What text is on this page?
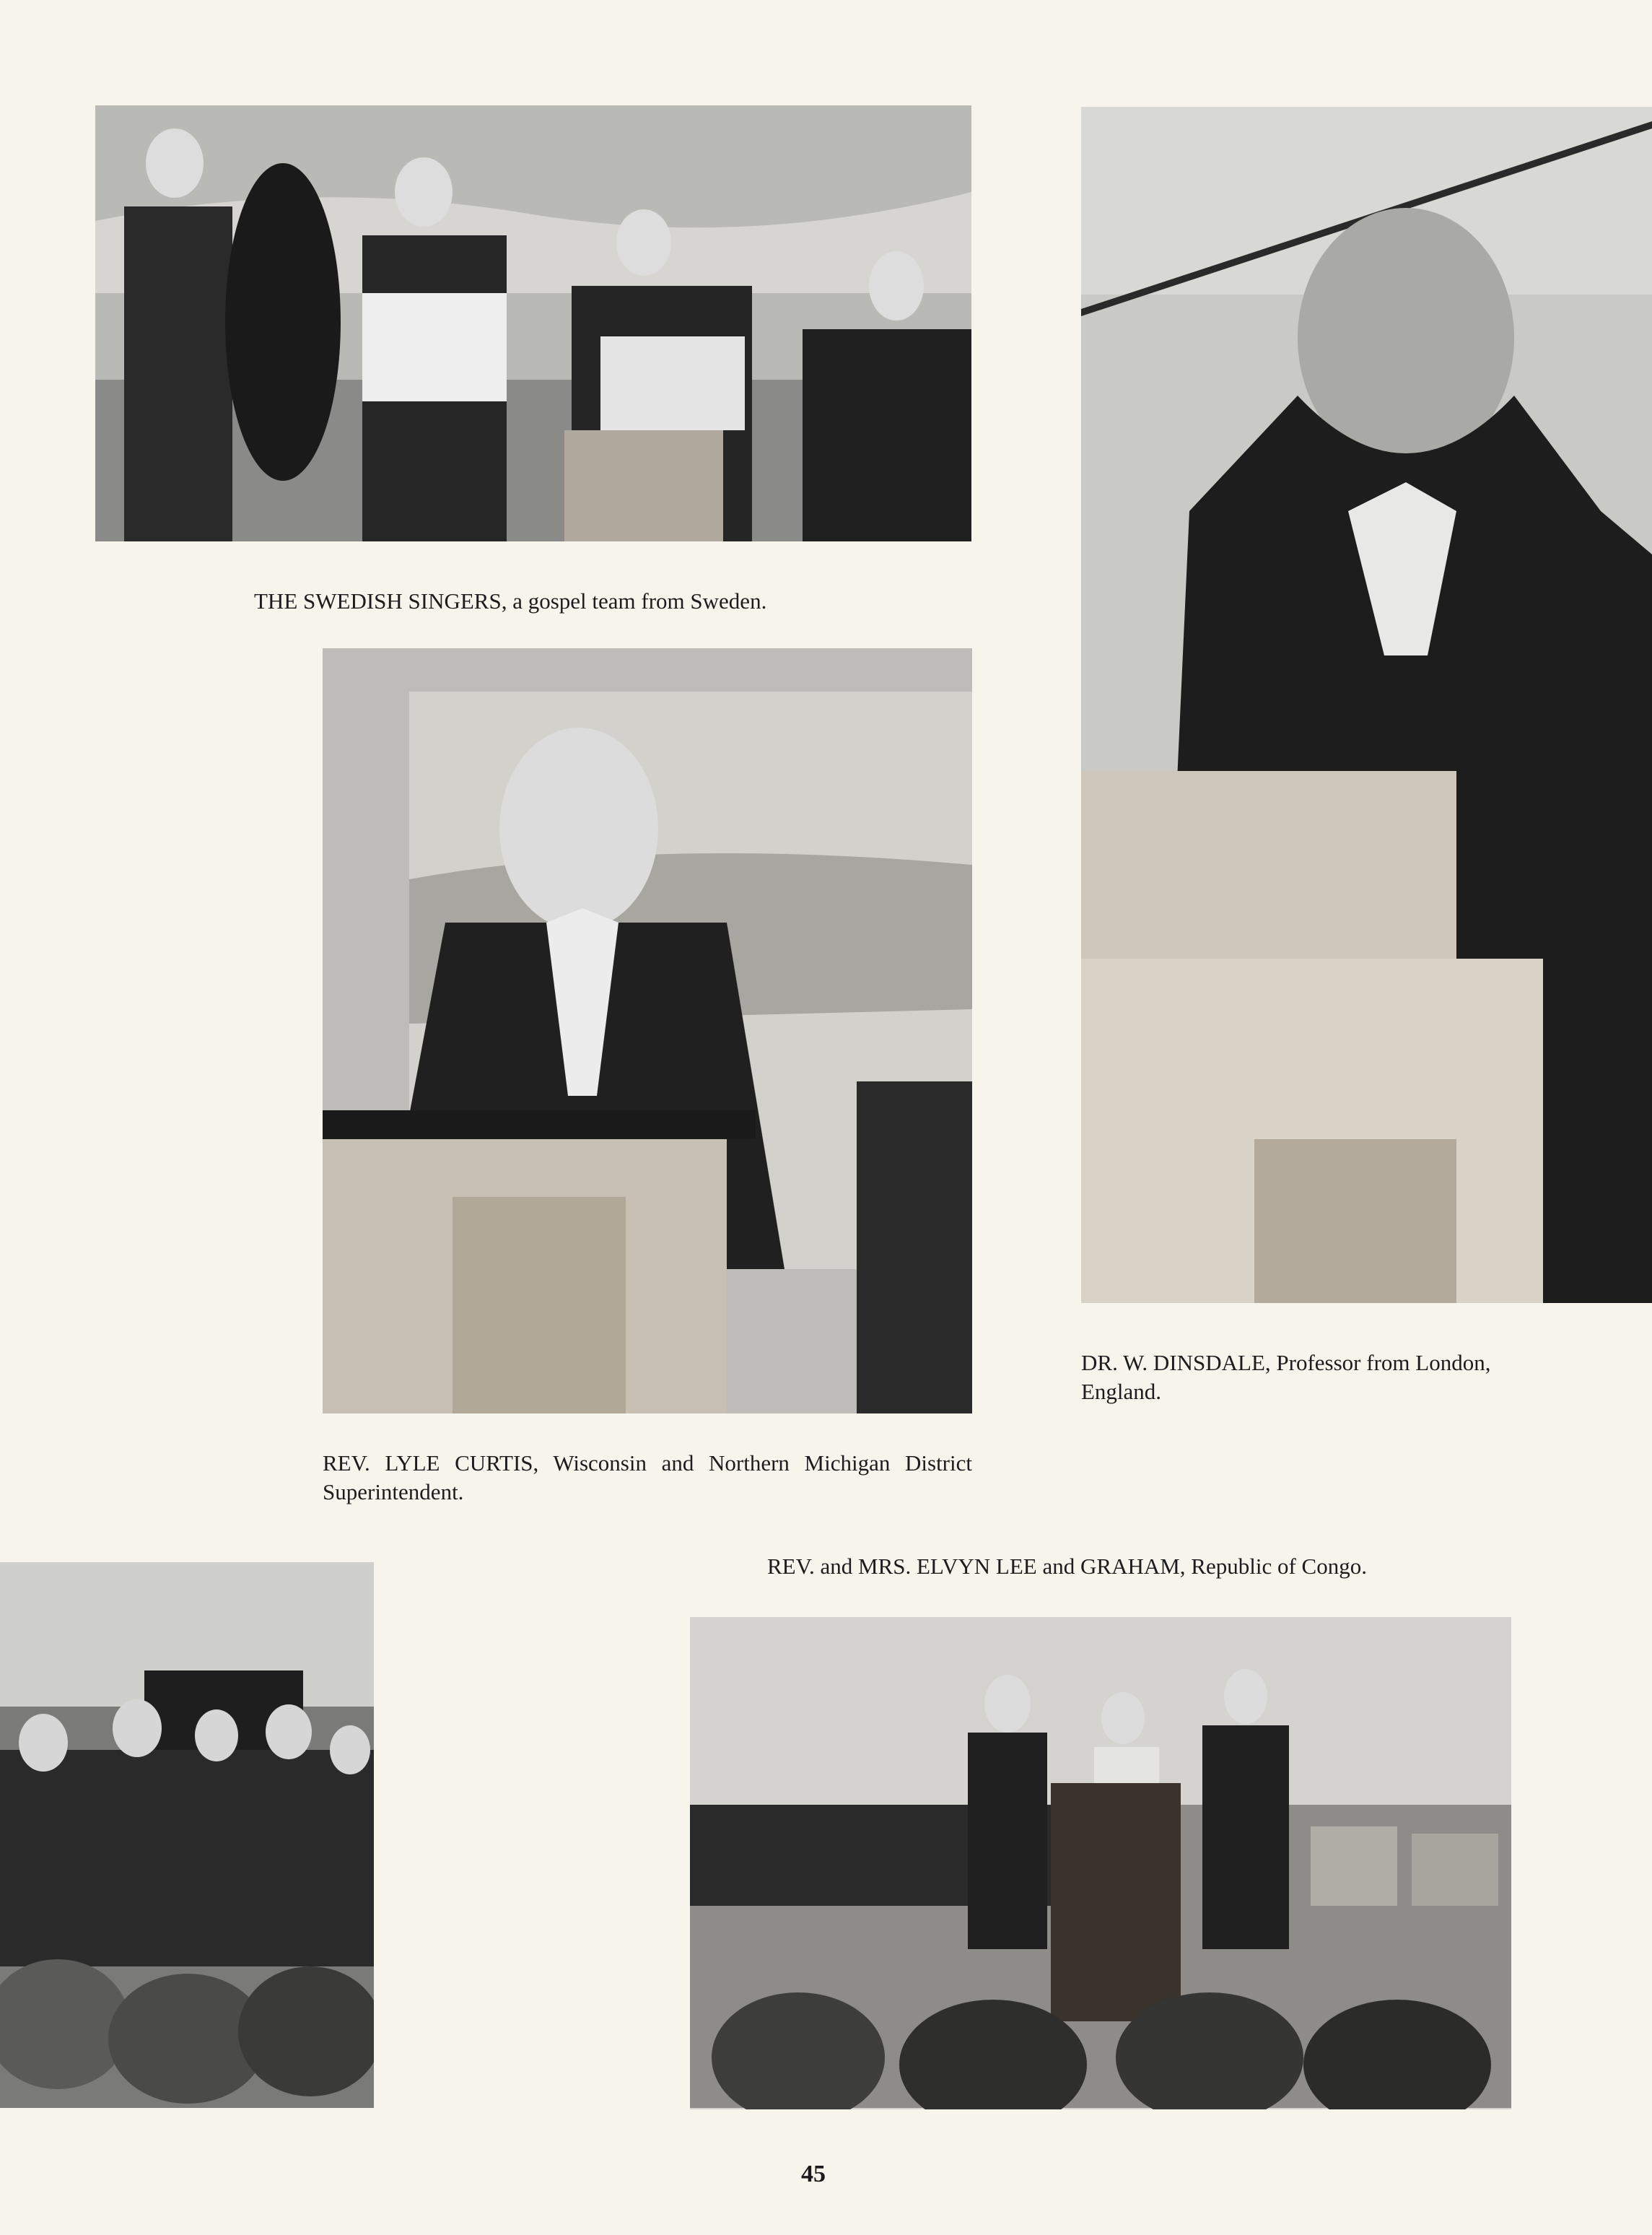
THE SWEDISH SINGERS, a gospel team from Sweden.
DR. W. DINSDALE, Professor from London, England.
REV. LYLE CURTIS, Wisconsin and Northern Michigan District Superintendent.
REV. and MRS. ELVYN LEE and GRAHAM, Republic of Congo.
45
